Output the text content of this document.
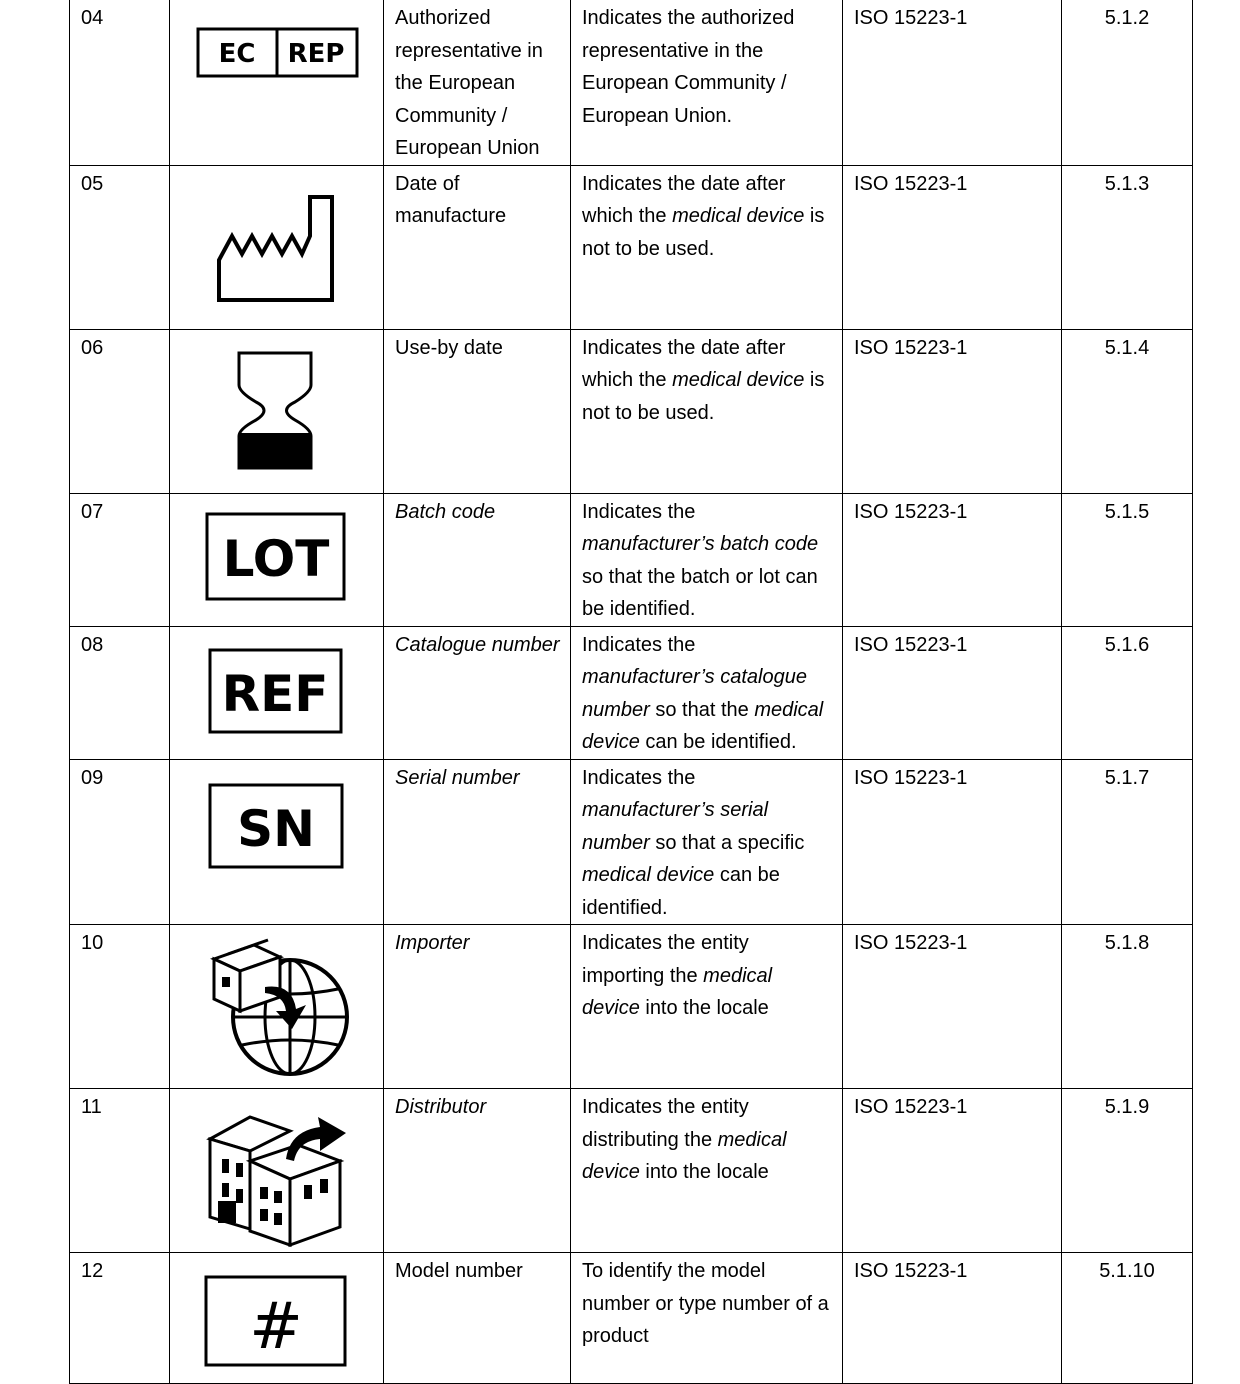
04	EC REP	Authorized representative in the European Community / European Union	Indicates the authorized representative in the European Community / European Union.	ISO 15223-1	5.1.2

05		Date of manufacture	Indicates the date after which the medical device is not to be used.	ISO 15223-1	5.1.3

06		Use-by date	Indicates the date after which the medical device is not to be used.	ISO 15223-1	5.1.4

07	LOT	Batch code	Indicates the manufacturer’s batch code so that the batch or lot can be identified.	ISO 15223-1	5.1.5

08	REF	Catalogue number	Indicates the manufacturer’s catalogue number so that the medical device can be identified.	ISO 15223-1	5.1.6

09	SN	Serial number	Indicates the manufacturer’s serial number so that a specific medical device can be identified.	ISO 15223-1	5.1.7

10		Importer	Indicates the entity importing the medical device into the locale	ISO 15223-1	5.1.8

11		Distributor	Indicates the entity distributing the medical device into the locale	ISO 15223-1	5.1.9

12	#	Model number	To identify the model number or type number of a product	ISO 15223-1	5.1.10
